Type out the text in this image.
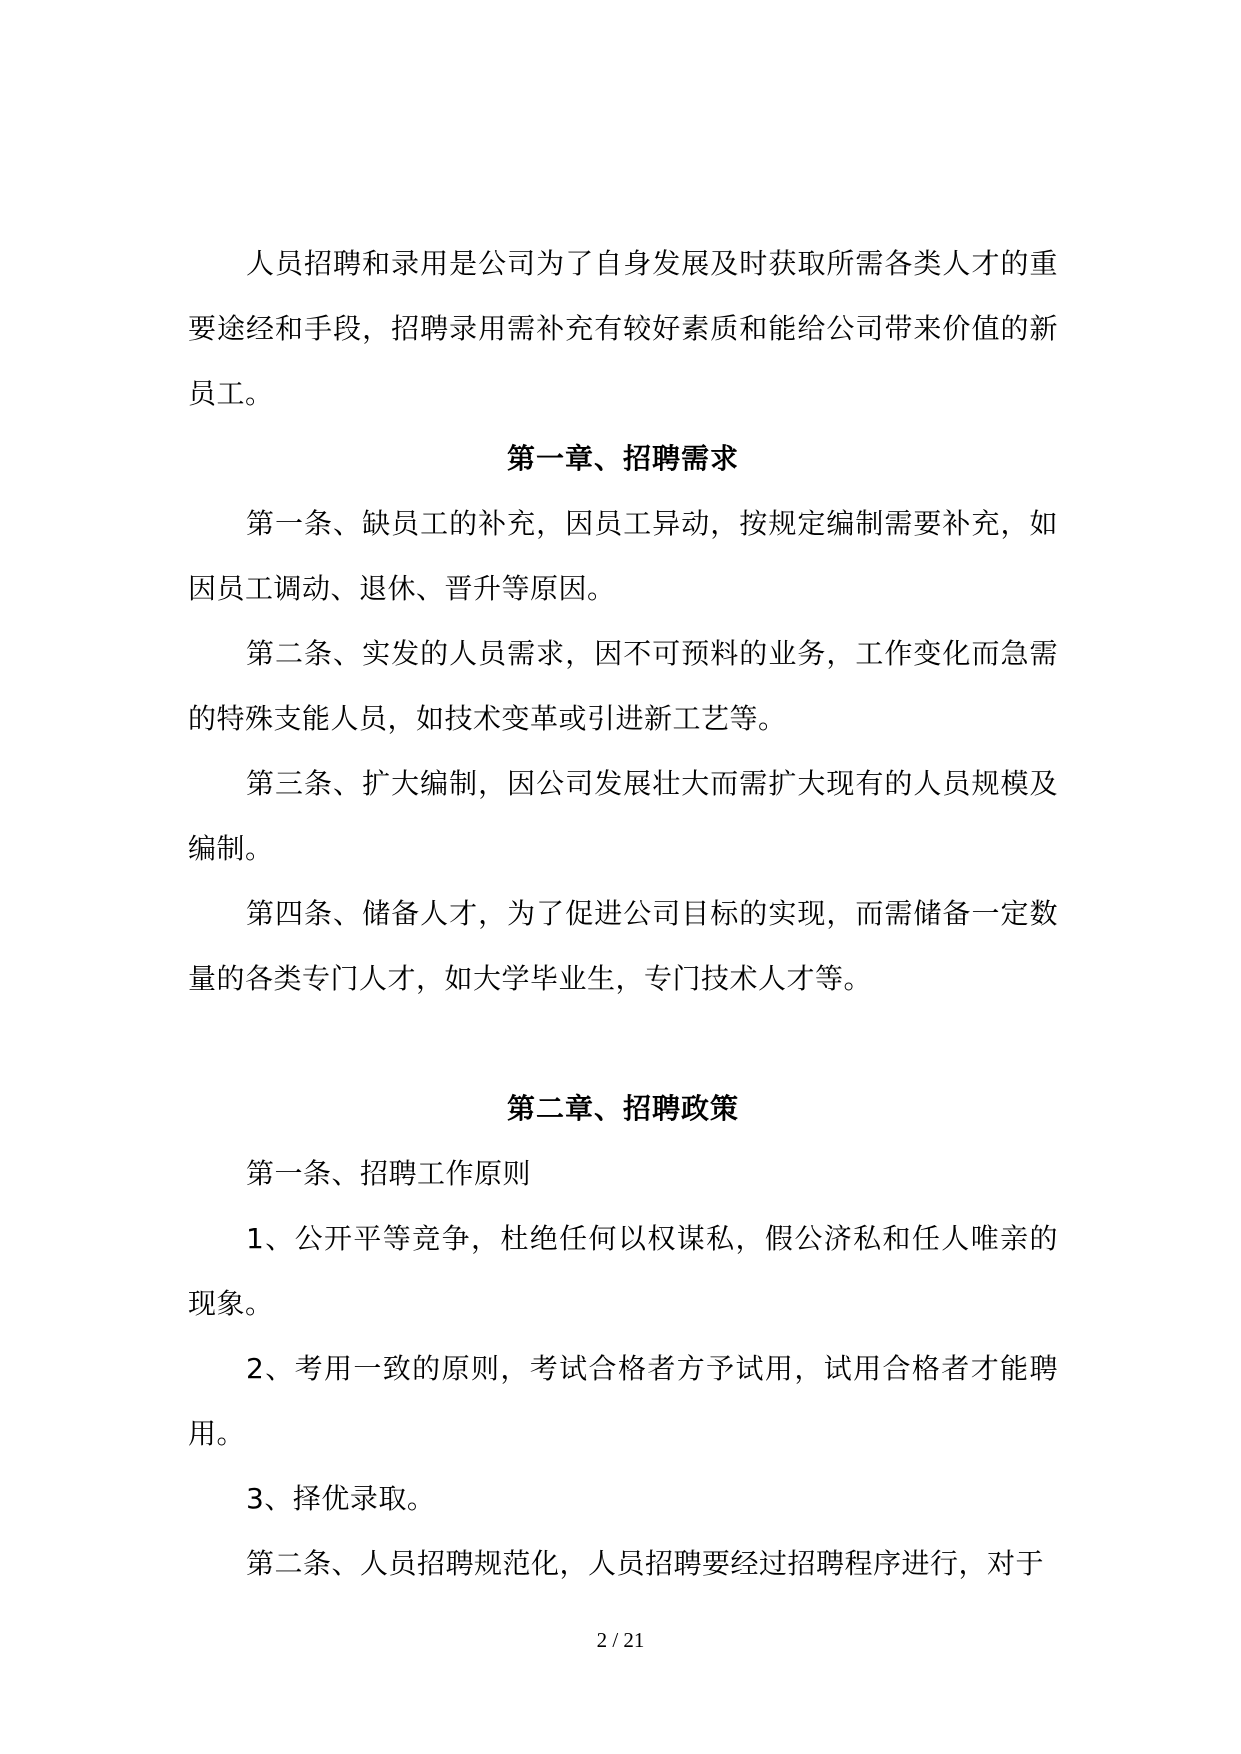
人员招聘和录用是公司为了自身发展及时获取所需各类人才的重要途经和手段，招聘录用需补充有较好素质和能给公司带来价值的新员工。

第一章、招聘需求

第一条、缺员工的补充，因员工异动，按规定编制需要补充，如因员工调动、退休、晋升等原因。

第二条、实发的人员需求，因不可预料的业务，工作变化而急需的特殊支能人员，如技术变革或引进新工艺等。

第三条、扩大编制，因公司发展壮大而需扩大现有的人员规模及编制。

第四条、储备人才，为了促进公司目标的实现，而需储备一定数量的各类专门人才，如大学毕业生，专门技术人才等。

第二章、招聘政策

第一条、招聘工作原则

1、公开平等竞争，杜绝任何以权谋私，假公济私和任人唯亲的现象。

2、考用一致的原则，考试合格者方予试用，试用合格者才能聘用。

3、择优录取。

第二条、人员招聘规范化，人员招聘要经过招聘程序进行，对于

2 / 21
